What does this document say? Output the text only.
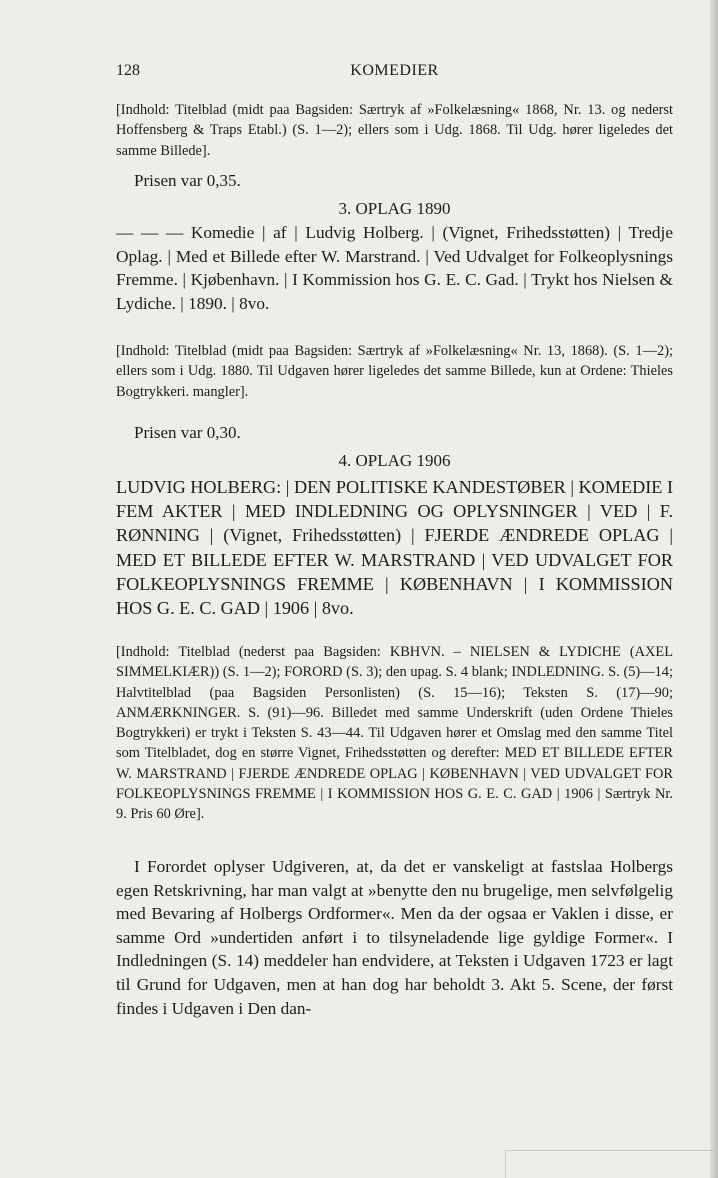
128	KOMEDIER
[Indhold: Titelblad (midt paa Bagsiden: Særtryk af »Folkelæsning« 1868, Nr. 13. og nederst Hoffensberg & Traps Etabl.) (S. 1—2); ellers som i Udg. 1868. Til Udg. hører ligeledes det samme Billede].
Prisen var 0,35.
3. OPLAG 1890
— — — Komedie | af | Ludvig Holberg. | (Vignet, Frihedsstøtten) | Tredje Oplag. | Med et Billede efter W. Marstrand. | Ved Udvalget for Folkeoplysnings Fremme. | Kjøbenhavn. | I Kommission hos G. E. C. Gad. | Trykt hos Nielsen & Lydiche. | 1890. | 8vo.
[Indhold: Titelblad (midt paa Bagsiden: Særtryk af »Folkelæsning« Nr. 13, 1868). (S. 1—2); ellers som i Udg. 1880. Til Udgaven hører ligeledes det samme Billede, kun at Ordene: Thieles Bogtrykkeri. mangler].
Prisen var 0,30.
4. OPLAG 1906
LUDVIG HOLBERG: | DEN POLITISKE KANDESTØBER | KOMEDIE I FEM AKTER | MED INDLEDNING OG OPLYSNINGER | VED | F. RØNNING | (Vignet, Frihedsstøtten) | FJERDE ÆNDREDE OPLAG | MED ET BILLEDE EFTER W. MARSTRAND | VED UDVALGET FOR FOLKEOPLYSNINGS FREMME | KØBENHAVN | I KOMMISSION HOS G. E. C. GAD | 1906 | 8vo.
[Indhold: Titelblad (nederst paa Bagsiden: KBHVN. – NIELSEN & LYDICHE (AXEL SIMMELKIÆR)) (S. 1—2); FORORD (S. 3); den upag. S. 4 blank; INDLEDNING. S. (5)—14; Halvtitelblad (paa Bagsiden Personlisten) (S. 15—16); Teksten S. (17)—90; ANMÆRKNINGER. S. (91)—96. Billedet med samme Underskrift (uden Ordene Thieles Bogtrykkeri) er trykt i Teksten S. 43—44. Til Udgaven hører et Omslag med den samme Titel som Titelbladet, dog en større Vignet, Frihedsstøtten og derefter: MED ET BILLEDE EFTER W. MARSTRAND | FJERDE ÆNDREDE OPLAG | KØBENHAVN | VED UDVALGET FOR FOLKEOPLYSNINGS FREMME | I KOMMISSION HOS G. E. C. GAD | 1906 | Særtryk Nr. 9. Pris 60 Øre].
I Forordet oplyser Udgiveren, at, da det er vanskeligt at fastslaa Holbergs egen Retskrivning, har man valgt at »benytte den nu brugelige, men selvfølgelig med Bevaring af Holbergs Ordformer«. Men da der ogsaa er Vaklen i disse, er samme Ord »undertiden anført i to tilsyneladende lige gyldige Former«. I Indledningen (S. 14) meddeler han endvidere, at Teksten i Udgaven 1723 er lagt til Grund for Udgaven, men at han dog har beholdt 3. Akt 5. Scene, der først findes i Udgaven i Den dan-
